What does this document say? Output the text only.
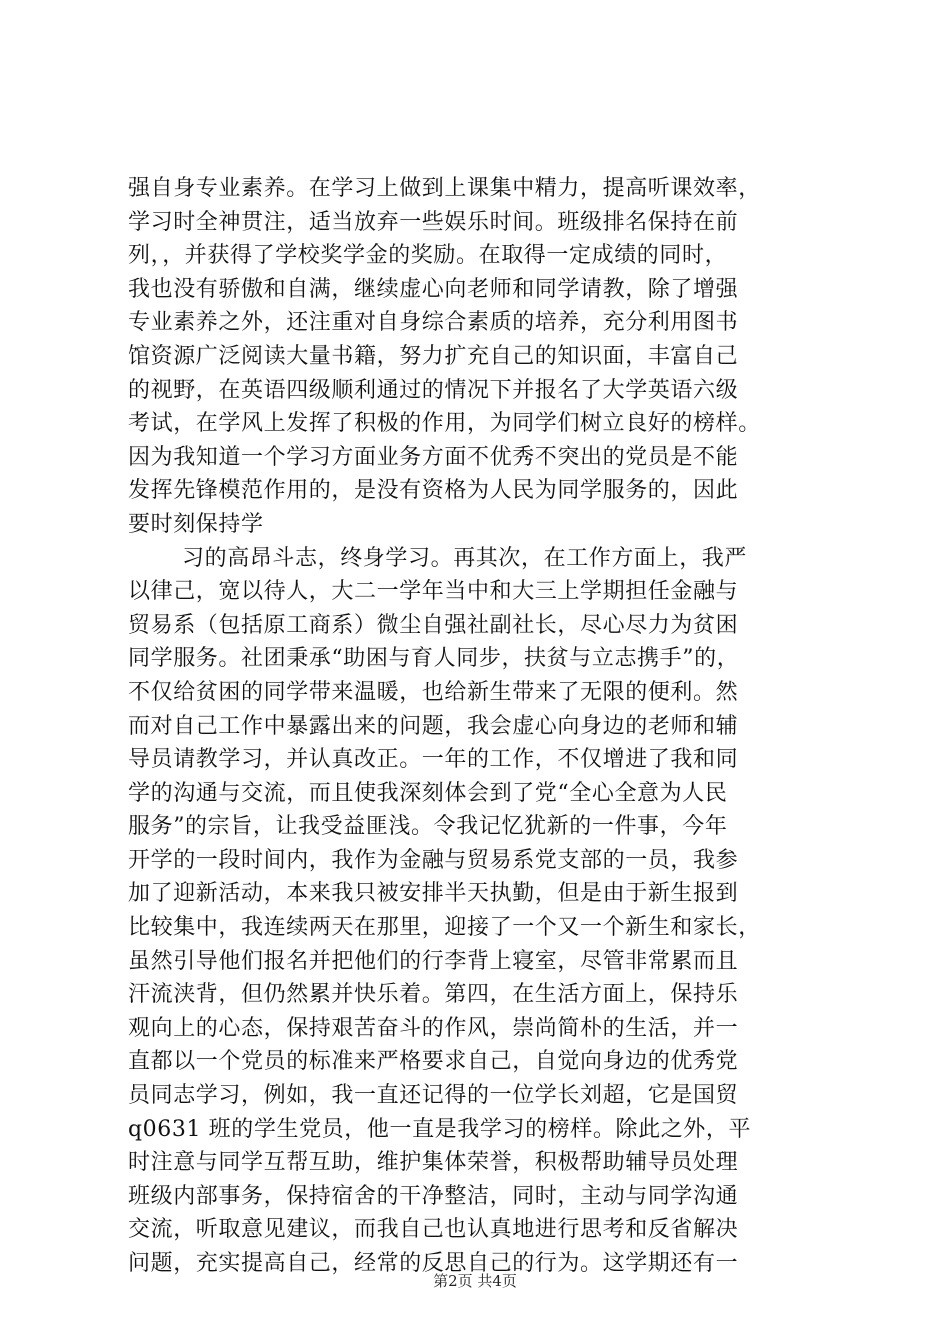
强自身专业素养。在学习上做到上课集中精力，提高听课效率，
学习时全神贯注，适当放弃一些娱乐时间。班级排名保持在前
列，，并获得了学校奖学金的奖励。在取得一定成绩的同时，
我也没有骄傲和自满，继续虚心向老师和同学请教，除了增强
专业素养之外，还注重对自身综合素质的培养，充分利用图书
馆资源广泛阅读大量书籍，努力扩充自己的知识面，丰富自己
的视野，在英语四级顺利通过的情况下并报名了大学英语六级
考试，在学风上发挥了积极的作用，为同学们树立良好的榜样。
因为我知道一个学习方面业务方面不优秀不突出的党员是不能
发挥先锋模范作用的，是没有资格为人民为同学服务的，因此
要时刻保持学
习的高昂斗志，终身学习。再其次，在工作方面上，我严
以律己，宽以待人，大二一学年当中和大三上学期担任金融与
贸易系（包括原工商系）微尘自强社副社长，尽心尽力为贫困
同学服务。社团秉承“助困与育人同步，扶贫与立志携手”的，
不仅给贫困的同学带来温暖，也给新生带来了无限的便利。然
而对自己工作中暴露出来的问题，我会虚心向身边的老师和辅
导员请教学习，并认真改正。一年的工作，不仅增进了我和同
学的沟通与交流，而且使我深刻体会到了党“全心全意为人民
服务”的宗旨，让我受益匪浅。令我记忆犹新的一件事，今年
开学的一段时间内，我作为金融与贸易系党支部的一员，我参
加了迎新活动，本来我只被安排半天执勤，但是由于新生报到
比较集中，我连续两天在那里，迎接了一个又一个新生和家长，
虽然引导他们报名并把他们的行李背上寝室，尽管非常累而且
汗流浃背，但仍然累并快乐着。第四，在生活方面上，保持乐
观向上的心态，保持艰苦奋斗的作风，崇尚简朴的生活，并一
直都以一个党员的标准来严格要求自己，自觉向身边的优秀党
员同志学习，例如，我一直还记得的一位学长刘超，它是国贸
q0631 班的学生党员，他一直是我学习的榜样。除此之外，平
时注意与同学互帮互助，维护集体荣誉，积极帮助辅导员处理
班级内部事务，保持宿舍的干净整洁，同时，主动与同学沟通
交流，听取意见建议，而我自己也认真地进行思考和反省解决
问题，充实提高自己，经常的反思自己的行为。这学期还有一
第2页 共4页
